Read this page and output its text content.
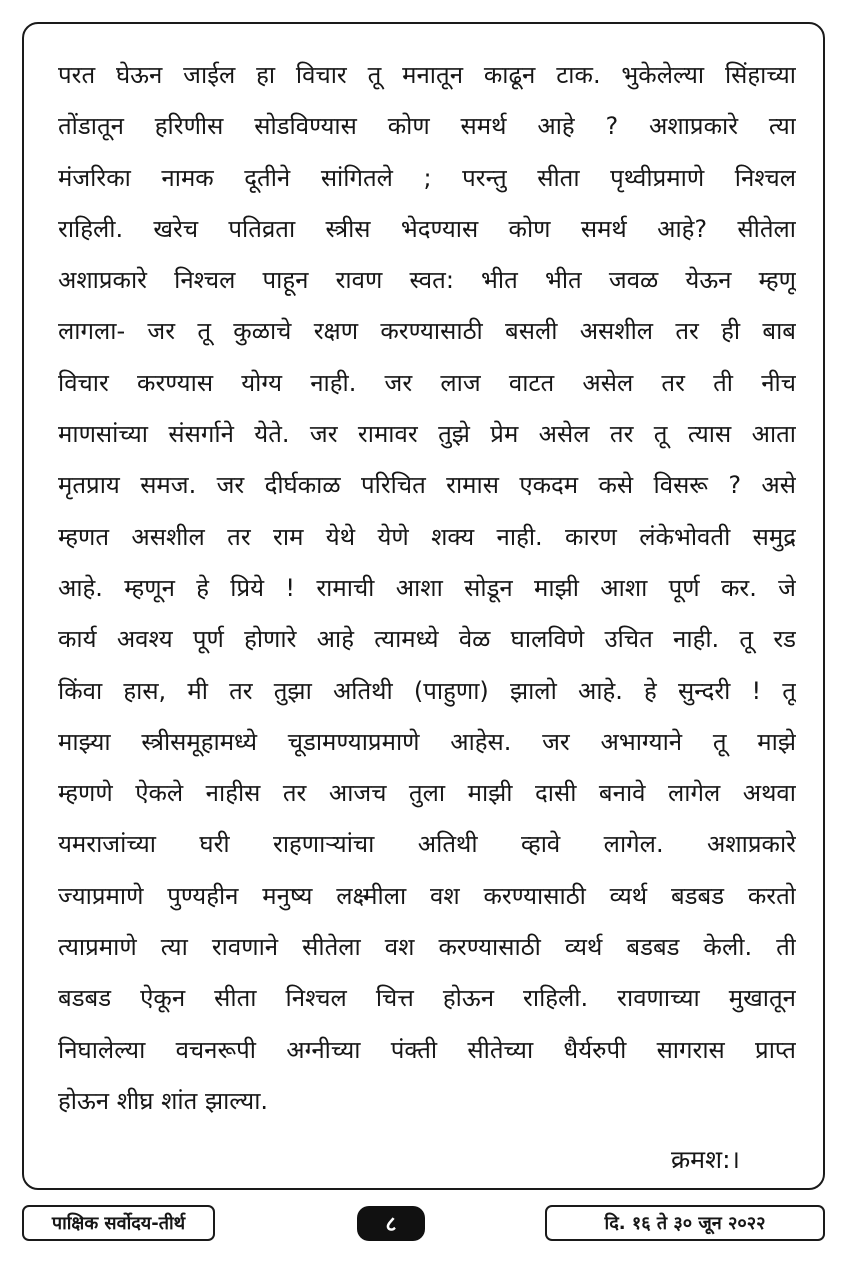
परत घेऊन जाईल हा विचार तू मनातून काढून टाक. भुकेलेल्या सिंहाच्या
तोंडातून हरिणीस सोडविण्यास कोण समर्थ आहे ? अशाप्रकारे त्या
मंजरिका नामक दूतीने सांगितले ; परन्तु सीता पृथ्वीप्रमाणे निश्चल
राहिली. खरेच पतिव्रता स्त्रीस भेदण्यास कोण समर्थ आहे? सीतेला
अशाप्रकारे निश्चल पाहून रावण स्वत: भीत भीत जवळ येऊन म्हणू
लागला- जर तू कुळाचे रक्षण करण्यासाठी बसली असशील तर ही बाब
विचार करण्यास योग्य नाही. जर लाज वाटत असेल तर ती नीच
माणसांच्या संसर्गाने येते. जर रामावर तुझे प्रेम असेल तर तू त्यास आता
मृतप्राय समज. जर दीर्घकाळ परिचित रामास एकदम कसे विसरू ? असे
म्हणत असशील तर राम येथे येणे शक्य नाही. कारण लंकेभोवती समुद्र
आहे. म्हणून हे प्रिये ! रामाची आशा सोडून माझी आशा पूर्ण कर. जे
कार्य अवश्य पूर्ण होणारे आहे त्यामध्ये वेळ घालविणे उचित नाही. तू रड
किंवा हास, मी तर तुझा अतिथी (पाहुणा) झालो आहे. हे सुन्दरी ! तू
माझ्या स्त्रीसमूहामध्ये चूडामण्याप्रमाणे आहेस. जर अभाग्याने तू माझे
म्हणणे ऐकले नाहीस तर आजच तुला माझी दासी बनावे लागेल अथवा
यमराजांच्या घरी राहणाऱ्यांचा अतिथी व्हावे लागेल. अशाप्रकारे
ज्याप्रमाणे पुण्यहीन मनुष्य लक्ष्मीला वश करण्यासाठी व्यर्थ बडबड करतो
त्याप्रमाणे त्या रावणाने सीतेला वश करण्यासाठी व्यर्थ बडबड केली. ती
बडबड ऐकून सीता निश्चल चित्त होऊन राहिली. रावणाच्या मुखातून
निघालेल्या वचनरूपी अग्नीच्या पंक्ती सीतेच्या धैर्यरुपी सागरास प्राप्त
होऊन शीघ्र शांत झाल्या.
क्रमश:।
पाक्षिक सर्वोदय-तीर्थ	८	दि. १६ ते ३० जून २०२२
